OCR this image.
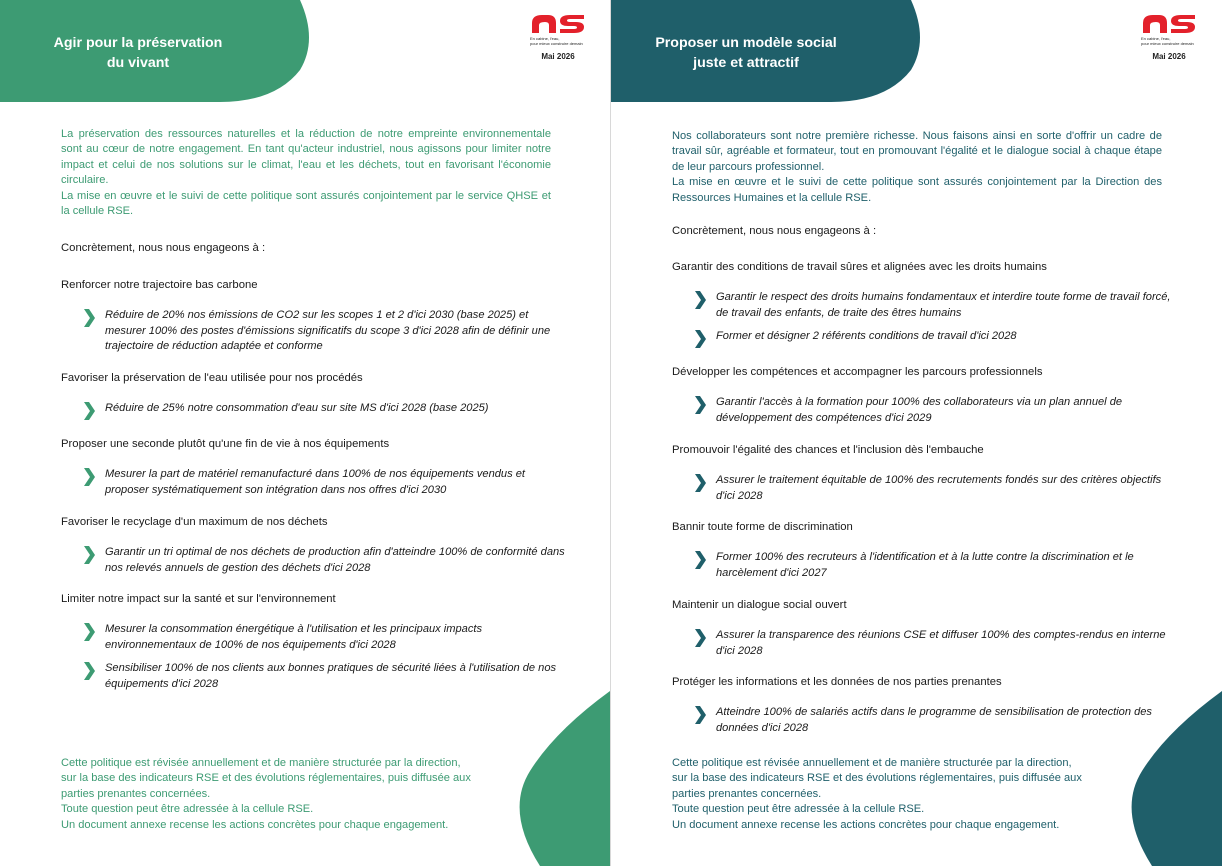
Agir pour la préservation
du vivant
En cabine, l'eau,
pour mieux construire demain
Mai 2026

La préservation des ressources naturelles et la réduction de notre empreinte environnementale sont au cœur de notre engagement. En tant qu'acteur industriel, nous agissons pour limiter notre impact et celui de nos solutions sur le climat, l'eau et les déchets, tout en favorisant l'économie circulaire.

La mise en œuvre et le suivi de cette politique sont assurés conjointement par le service QHSE et la cellule RSE.

Concrètement, nous nous engageons à :
Renforcer notre trajectoire bas carbone
Réduire de 20% nos émissions de CO2 sur les scopes 1 et 2 d'ici 2030 (base 2025) et mesurer 100% des postes d'émissions significatifs du scope 3 d'ici 2028 afin de définir une trajectoire de réduction adaptée et conforme
Favoriser la préservation de l'eau utilisée pour nos procédés
Réduire de 25% notre consommation d'eau sur site MS d'ici 2028 (base 2025)
Proposer une seconde plutôt qu'une fin de vie à nos équipements
Mesurer la part de matériel remanufacturé dans 100% de nos équipements vendus et proposer systématiquement son intégration dans nos offres d'ici 2030
Favoriser le recyclage d'un maximum de nos déchets
Garantir un tri optimal de nos déchets de production afin d'atteindre 100% de conformité dans nos relevés annuels de gestion des déchets d'ici 2028
Limiter notre impact sur la santé et sur l'environnement
Mesurer la consommation énergétique à l'utilisation et les principaux impacts environnementaux de 100% de nos équipements d'ici 2028
Sensibiliser 100% de nos clients aux bonnes pratiques de sécurité liées à l'utilisation de nos équipements d'ici 2028
Cette politique est révisée annuellement et de manière structurée par la direction,
sur la base des indicateurs RSE et des évolutions réglementaires, puis diffusée aux
parties prenantes concernées.
Toute question peut être adressée à la cellule RSE.
Un document annexe recense les actions concrètes pour chaque engagement.
Proposer un modèle social
juste et attractif
En cabine, l'eau,
pour mieux construire demain
Mai 2026

Nos collaborateurs sont notre première richesse. Nous faisons ainsi en sorte d'offrir un cadre de travail sûr, agréable et formateur, tout en promouvant l'égalité et le dialogue social à chaque étape de leur parcours professionnel.

La mise en œuvre et le suivi de cette politique sont assurés conjointement par la Direction des Ressources Humaines et la cellule RSE.

Concrètement, nous nous engageons à :
Garantir des conditions de travail sûres et alignées avec les droits humains
Garantir le respect des droits humains fondamentaux et interdire toute forme de travail forcé, de travail des enfants, de traite des êtres humains
Former et désigner 2 référents conditions de travail d'ici 2028
Développer les compétences et accompagner les parcours professionnels
Garantir l'accès à la formation pour 100% des collaborateurs via un plan annuel de développement des compétences d'ici 2029
Promouvoir l'égalité des chances et l'inclusion dès l'embauche
Assurer le traitement équitable de 100% des recrutements fondés sur des critères objectifs d'ici 2028
Bannir toute forme de discrimination
Former 100% des recruteurs à l'identification et à la lutte contre la discrimination et le harcèlement d'ici 2027
Maintenir un dialogue social ouvert
Assurer la transparence des réunions CSE et diffuser 100% des comptes-rendus en interne d'ici 2028
Protéger les informations et les données de nos parties prenantes
Atteindre 100% de salariés actifs dans le programme de sensibilisation de protection des données d'ici 2028
Cette politique est révisée annuellement et de manière structurée par la direction,
sur la base des indicateurs RSE et des évolutions réglementaires, puis diffusée aux
parties prenantes concernées.
Toute question peut être adressée à la cellule RSE.
Un document annexe recense les actions concrètes pour chaque engagement.
